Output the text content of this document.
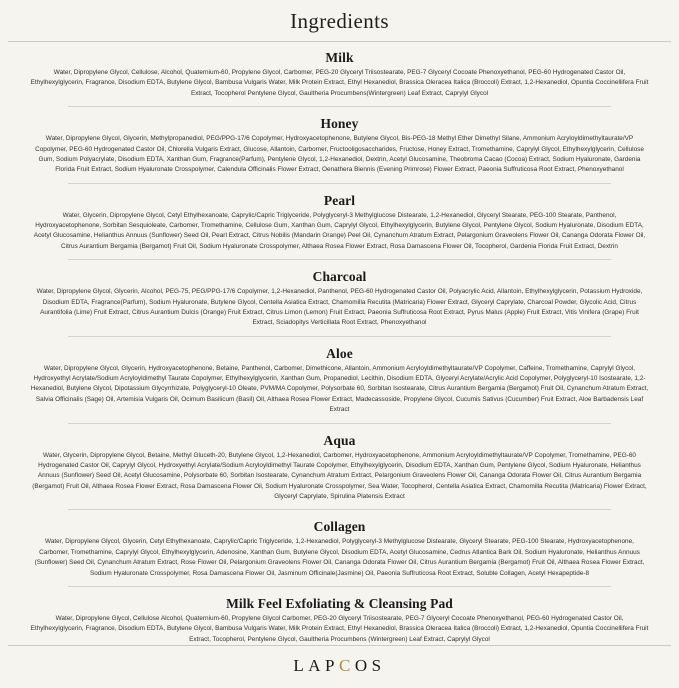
Ingredients
Milk
Water, Dipropylene Glycol, Cellulose, Alcohol, Quaternium-60, Propylene Glycol, Carbomer, PEG-20 Glyceryl Triisostearate, PEG-7 Glyceryl Cocoate Phenoxyethanol, PEG-60 Hydrogenated Castor Oil, Ethylhexylglycerin, Fragrance, Disodium EDTA, Butylene Glycol, Bambusa Vulgaris Water, Milk Protein Extract, Ethyl Hexanediol, Brassica Oleracea Italica (Broccoli) Extract, 1,2-Hexanediol, Opuntia Coccinellifera Fruit Extract, Tocopherol Pentylene Glycol, Gaultheria Procumbens(Wintergreen) Leaf Extract, Caprylyl Glycol
Honey
Water, Dipropylene Glycol, Glycerin, Methylpropanediol, PEG/PPG-17/6 Copolymer, Hydroxyacetophenone, Butylene Glycol, Bis-PEG-18 Methyl Ether Dimethyl Silane, Ammonium Acryloyldimethyltaurate/VP Copolymer, PEG-60 Hydrogenated Castor Oil, Chlorella Vulgaris Extract, Glucose, Allantoin, Carbomer, Fructooligosaccharides, Fructose, Honey Extract, Tromethamine, Caprylyl Glycol, Ethylhexylglycerin, Cellulose Gum, Sodium Polyacrylate, Disodium EDTA, Xanthan Gum, Fragrance(Parfum), Pentylene Glycol, 1,2-Hexanediol, Dextrin, Acetyl Glucosamine, Theobroma Cacao (Cocoa) Extract, Sodium Hyaluronate, Gardenia Florida Fruit Extract, Sodium Hyaluronate Crosspolymer, Calendula Officinalis Flower Extract, Oenathera Biennis (Evening Primrose) Flower Extract, Paeonia Suffruticosa Root Extract, Phenoxyethanol
Pearl
Water, Glycerin, Dipropylene Glycol, Cetyl Ethylhexanoate, Caprylic/Capric Triglyceride, Polyglyceryl-3 Methylglucose Distearate, 1,2-Hexanediol, Glyceryl Stearate, PEG-100 Stearate, Panthenol, Hydroxyacetophenone, Sorbitan Sesquioleate, Carbomer, Tromethamine, Cellulose Gum, Xanthan Gum, Caprylyl Glycol, Ethylhexylglycerin, Butylene Glycol, Pentylene Glycol, Sodium Hyaluronate, Disodium EDTA, Acetyl Glucosamine, Helianthus Annuus (Sunflower) Seed Oil, Pearl Extract, Citrus Nobilis (Mandarin Orange) Peel Oil, Cynanchum Atratum Extract, Pelargonium Graveolens Flower Oil, Cananga Odorata Flower Oil, Citrus Aurantium Bergamia (Bergamot) Fruit Oil, Sodium Hyaluronate Crosspolymer, Althaea Rosea Flower Extract, Rosa Damascena Flower Oil, Tocopherol, Gardenia Florida Fruit Extract, Dextrin
Charcoal
Water, Dipropylene Glycol, Glycerin, Alcohol, PEG-75, PEG/PPG-17/6 Copolymer, 1,2-Hexanediol, Panthenol, PEG-60 Hydrogenated Castor Oil, Polyacrylic Acid, Allantoin, Ethylhexylglycerin, Potassium Hydroxide, Disodium EDTA, Fragrance(Parfum), Sodium Hyaluronate, Butylene Glycol, Centella Asiatica Extract, Chamomilla Recutita (Matricaria) Flower Extract, Glyceryl Caprylate, Charcoal Powder, Glycolic Acid, Citrus Aurantifolia (Lime) Fruit Extract, Citrus Aurantium Dulcis (Orange) Fruit Extract, Citrus Limon (Lemon) Fruit Extract, Paeonia Suffruticosa Root Extract, Pyrus Malus (Apple) Fruit Extract, Vitis Vinifera (Grape) Fruit Extract, Sciadopitys Verticillata Root Extract, Phenoxyethanol
Aloe
Water, Dipropylene Glycol, Glycerin, Hydroxyacetophenone, Betaine, Panthenol, Carbomer, Dimethicone, Allantoin, Ammonium Acryloyldimethyltaurate/VP Copolymer, Caffeine, Tromethamine, Caprylyl Glycol, Hydroxyethyl Acrylate/Sodium Acryloyldimethyl Taurate Copolymer, Ethylhexylglycerin, Xanthan Gum, Propanediol, Lecithin, Disodium EDTA, Glyceryl Acrylate/Acrylic Acid Copolymer, Polyglyceryl-10 Isostearate, 1,2-Hexanediol, Butylene Glycol, Dipotassium Glycyrrhizate, Polyglyceryl-10 Oleate, PVM/MA Copolymer, Polysorbate 60, Sorbitan Isostearate, Citrus Aurantium Bergamia (Bergamot) Fruit Oil, Cynanchum Atratum Extract, Salvia Officinalis (Sage) Oil, Artemisia Vulgaris Oil, Ocimum Basilicum (Basil) Oil, Althaea Rosea Flower Extract, Madecassoside, Propylene Glycol, Cucumis Sativus (Cucumber) Fruit Extract, Aloe Barbadensis Leaf Extract
Aqua
Water, Glycerin, Dipropylene Glycol, Betaine, Methyl Gluceth-20, Butylene Glycol, 1,2-Hexanediol, Carbomer, Hydroxyacetophenone, Ammonium Acryloyldimethyltaurate/VP Copolymer, Tromethamine, PEG-60 Hydrogenated Castor Oil, Caprylyl Glycol, Hydroxyethyl Acrylate/Sodium Acryloyldimethyl Taurate Copolymer, Ethylhexylglycerin, Disodium EDTA, Xanthan Gum, Pentylene Glycol, Sodium Hyaluronate, Helianthus Annuus (Sunflower) Seed Oil, Acetyl Glucosamine, Polysorbate 60, Sorbitan Isostearate, Cynanchum Atratum Extract, Pelargonium Graveolens Flower Oil, Cananga Odorata Flower Oil, Citrus Aurantium Bergamia (Bergamot) Fruit Oil, Althaea Rosea Flower Extract, Rosa Damascena Flower Oil, Sodium Hyaluronate Crosspolymer, Sea Water, Tocopherol, Centella Asiatica Extract, Chamomilla Recutita (Matricaria) Flower Extract, Glyceryl Caprylate, Spirulina Platensis Extract
Collagen
Water, Dipropylene Glycol, Glycerin, Cetyl Ethylhexanoate, Caprylic/Capric Triglyceride, 1,2-Hexanediol, Polyglyceryl-3 Methylglucose Distearate, Glyceryl Stearate, PEG-100 Stearate, Hydroxyacetophenone, Carbomer, Tromethamine, Caprylyl Glycol, Ethylhexylglycerin, Adenosine, Xanthan Gum, Butylene Glycol, Disodium EDTA, Acetyl Glucosamine, Cedrus Atlantica Bark Oil, Sodium Hyaluronate, Helianthus Annuus (Sunflower) Seed Oil, Cynanchum Atratum Extract, Rose Flower Oil, Pelargonium Graveolens Flower Oil, Cananga Odorata Flower Oil, Citrus Aurantium Bergamia (Bergamot) Fruit Oil, Althaea Rosea Flower Extract, Sodium Hyaluronate Crosspolymer, Rosa Damascena Flower Oil, Jasminum Officinale(Jasmine) Oil, Paeonia Suffruticosa Root Extract, Soluble Collagen, Acetyl Hexapeptide-8
Milk Feel Exfoliating & Cleansing Pad
Water, Dipropylene Glycol, Cellulose Alcohol, Quaternium-60, Propylene Glycol Carbomer, PEG-20 Glyceryl Triisostearate, PEG-7 Glyceryl Cocoate Phenoxyethanol, PEG-60 Hydrogenated Castor Oil, Ethylhexylglycerin, Fragrance, Disodium EDTA, Butylene Glycol, Bambusa Vulgaris Water, Milk Protein Extract, Ethyl Hexanediol, Brassica Oleracea Italica (Broccoli) Extract, 1,2-Hexanediol, Opuntia Coccinellifera Fruit Extract, Tocopherol, Pentylene Glycol, Gaultheria Procumbens (Wintergreen) Leaf Extract, Caprylyl Glycol
LAPCOS
